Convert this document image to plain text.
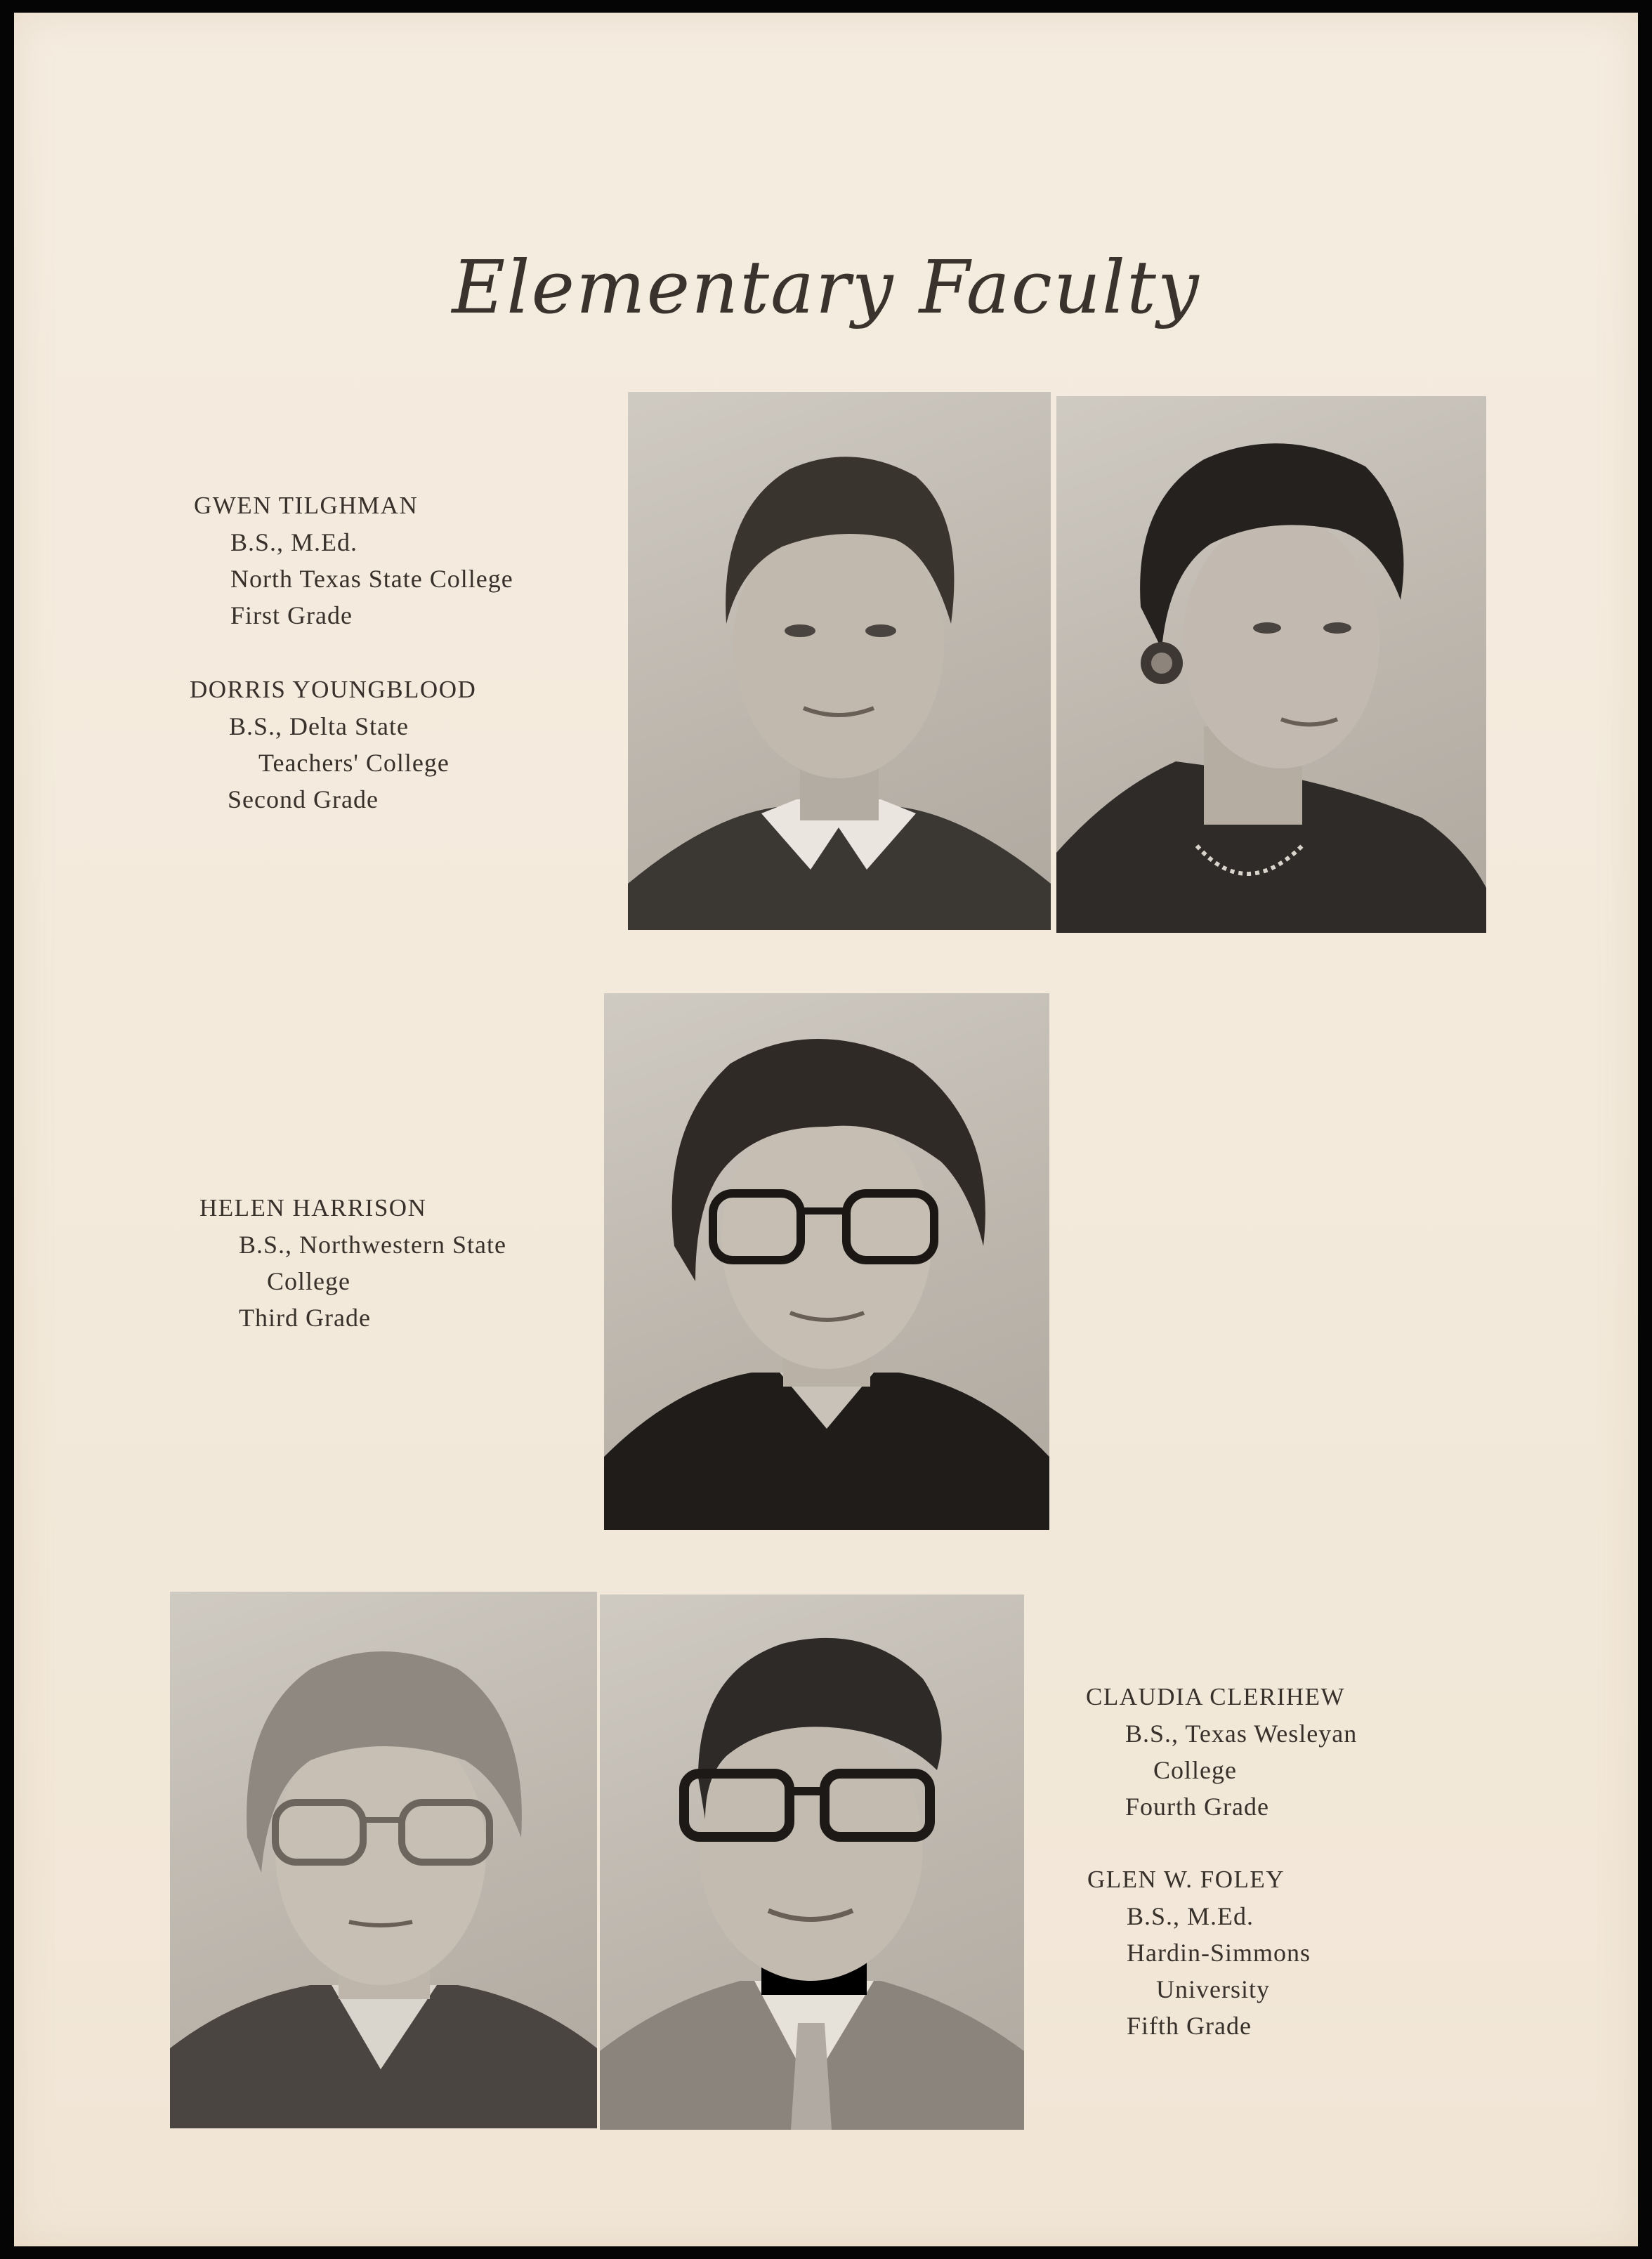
Elementary Faculty
GWEN TILGHMAN
B.S., M.Ed.
North Texas State College
First Grade
DORRIS YOUNGBLOOD
B.S., Delta State
Teachers' College
Second Grade
HELEN HARRISON
B.S., Northwestern State
College
Third Grade
CLAUDIA CLERIHEW
B.S., Texas Wesleyan
College
Fourth Grade
GLEN W. FOLEY
B.S., M.Ed.
Hardin-Simmons
University
Fifth Grade
